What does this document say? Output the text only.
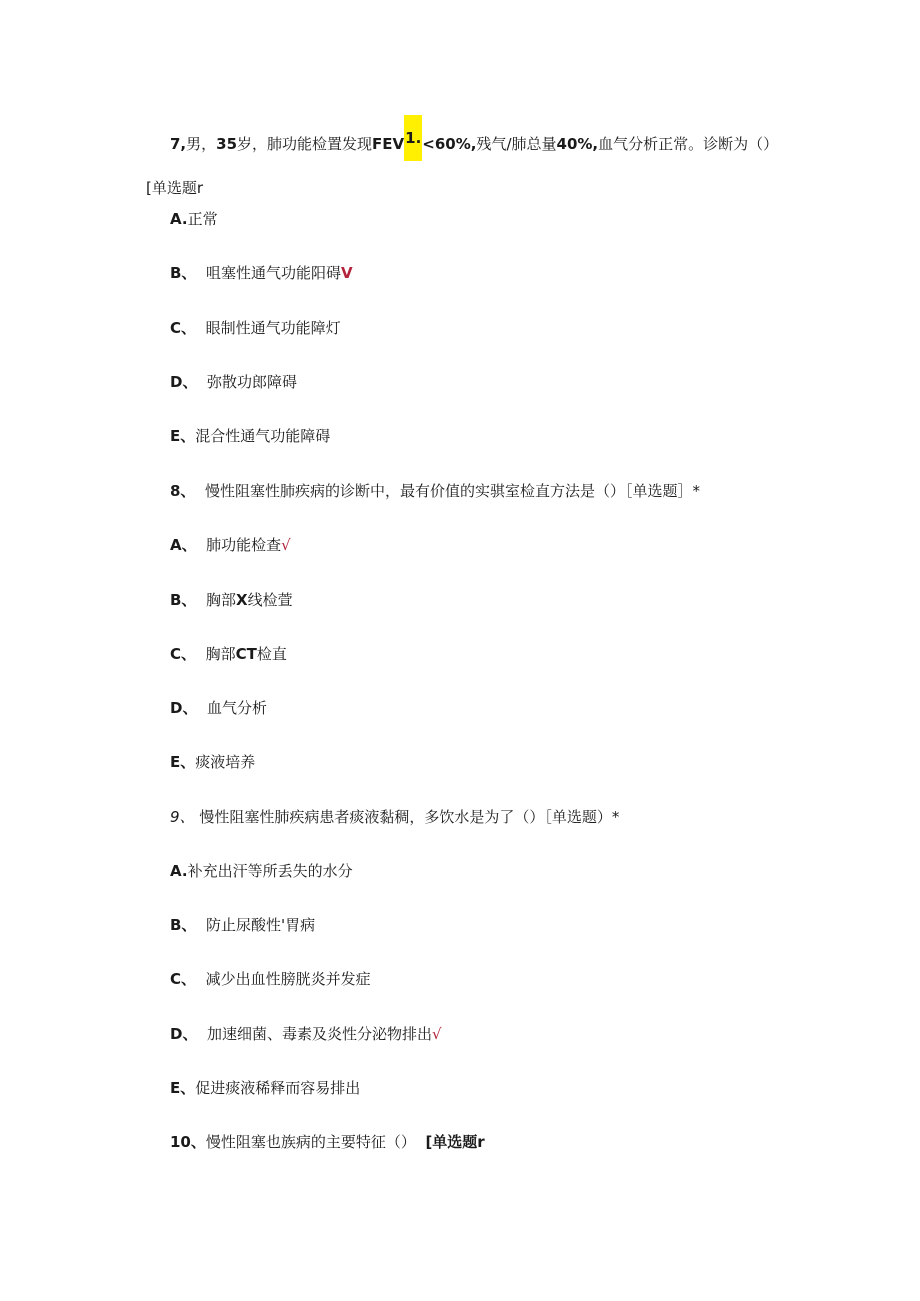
7,男，35岁，肺功能检置发现FEV1.<60%,残气/肺总量40%,血气分析正常。诊断为（）
[单选题r
A.正常
B、 咀塞性通气功能阳碍V
C、 眼制性通气功能障灯
D、 弥散功郎障碍
E、混合性通气功能障碍
8、 慢性阻塞性肺疾病的诊断中，最有价值的实骐室检直方法是（）［单选题］*
A、 肺功能检查√
B、 胸部X线检萱
C、 胸部CT检直
D、 血气分析
E、痰液培养
9、 慢性阻塞性肺疾病患者痰液黏稠，多饮水是为了（）［单选题）*
A.补充出汗等所丢失的水分
B、 防止尿酸性'胃病
C、 减少出血性膀胱炎并发症
D、 加速细菌、毒素及炎性分泌物排出√
E、促进痰液稀释而容易排出
10、慢性阻塞也族病的主要特征（） [单选题r
